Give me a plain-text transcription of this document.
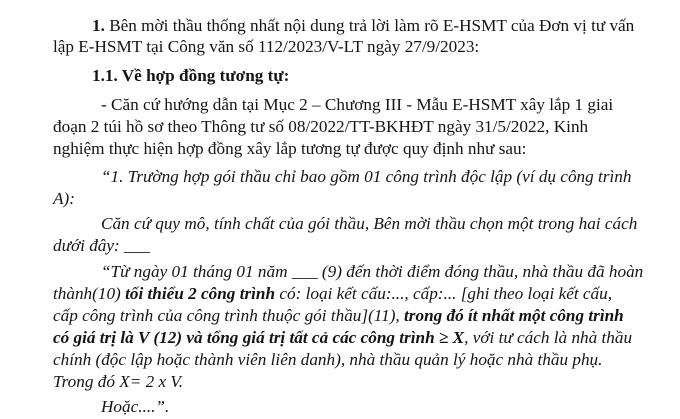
1. Bên mời thầu thống nhất nội dung trả lời làm rõ E-HSMT của Đơn vị tư vấn
lập E-HSMT tại Công văn số 112/2023/V-LT ngày 27/9/2023:
1.1. Về hợp đồng tương tự:
- Căn cứ hướng dẫn tại Mục 2 – Chương III - Mẫu E-HSMT xây lắp 1 giai
đoạn 2 túi hồ sơ theo Thông tư số 08/2022/TT-BKHĐT ngày 31/5/2022, Kinh
nghiệm thực hiện hợp đồng xây lắp tương tự được quy định như sau:
“1. Trường hợp gói thầu chỉ bao gồm 01 công trình độc lập (ví dụ công trình
A):
Căn cứ quy mô, tính chất của gói thầu, Bên mời thầu chọn một trong hai cách
dưới đây: ___
“Từ ngày 01 tháng 01 năm ___ (9) đến thời điểm đóng thầu, nhà thầu đã hoàn
thành(10) tối thiểu 2 công trình có: loại kết cấu:..., cấp:... [ghi theo loại kết cấu,
cấp công trình của công trình thuộc gói thầu](11), trong đó ít nhất một công trình
có giá trị là V (12) và tổng giá trị tất cả các công trình ≥ X, với tư cách là nhà thầu
chính (độc lập hoặc thành viên liên danh), nhà thầu quản lý hoặc nhà thầu phụ.
Trong đó X= 2 x V.
Hoặc....”.
